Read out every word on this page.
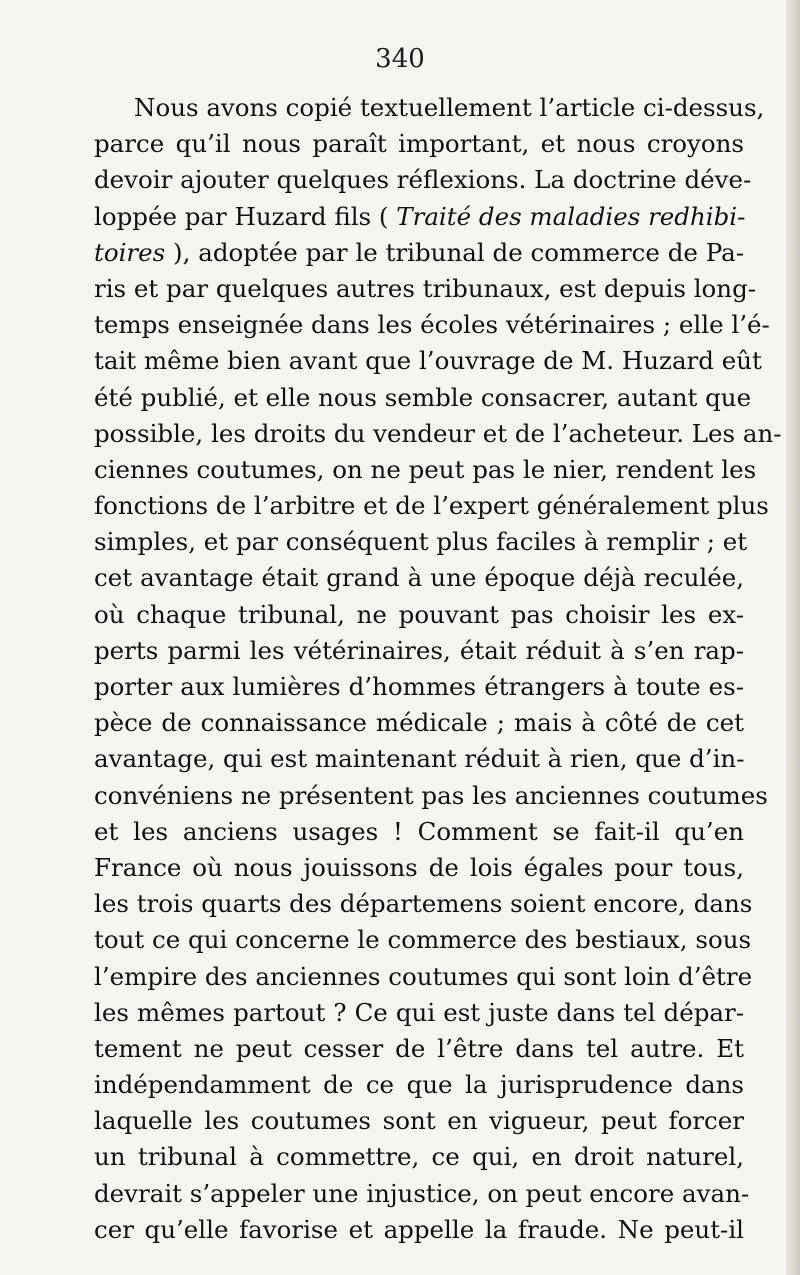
340
Nous avons copié textuellement l’article ci-dessus,
parce qu’il nous paraît important, et nous croyons
devoir ajouter quelques réflexions. La doctrine déve-
loppée par Huzard fils ( Traité des maladies redhibi-
toires ), adoptée par le tribunal de commerce de Pa-
ris et par quelques autres tribunaux, est depuis long-
temps enseignée dans les écoles vétérinaires ; elle l’é-
tait même bien avant que l’ouvrage de M. Huzard eût
été publié, et elle nous semble consacrer, autant que
possible, les droits du vendeur et de l’acheteur. Les an-
ciennes coutumes, on ne peut pas le nier, rendent les
fonctions de l’arbitre et de l’expert généralement plus
simples, et par conséquent plus faciles à remplir ; et
cet avantage était grand à une époque déjà reculée,
où chaque tribunal, ne pouvant pas choisir les ex-
perts parmi les vétérinaires, était réduit à s’en rap-
porter aux lumières d’hommes étrangers à toute es-
pèce de connaissance médicale ; mais à côté de cet
avantage, qui est maintenant réduit à rien, que d’in-
convéniens ne présentent pas les anciennes coutumes
et les anciens usages ! Comment se fait-il qu’en
France où nous jouissons de lois égales pour tous,
les trois quarts des départemens soient encore, dans
tout ce qui concerne le commerce des bestiaux, sous
l’empire des anciennes coutumes qui sont loin d’être
les mêmes partout ? Ce qui est juste dans tel dépar-
tement ne peut cesser de l’être dans tel autre. Et
indépendamment de ce que la jurisprudence dans
laquelle les coutumes sont en vigueur, peut forcer
un tribunal à commettre, ce qui, en droit naturel,
devrait s’appeler une injustice, on peut encore avan-
cer qu’elle favorise et appelle la fraude. Ne peut-il
